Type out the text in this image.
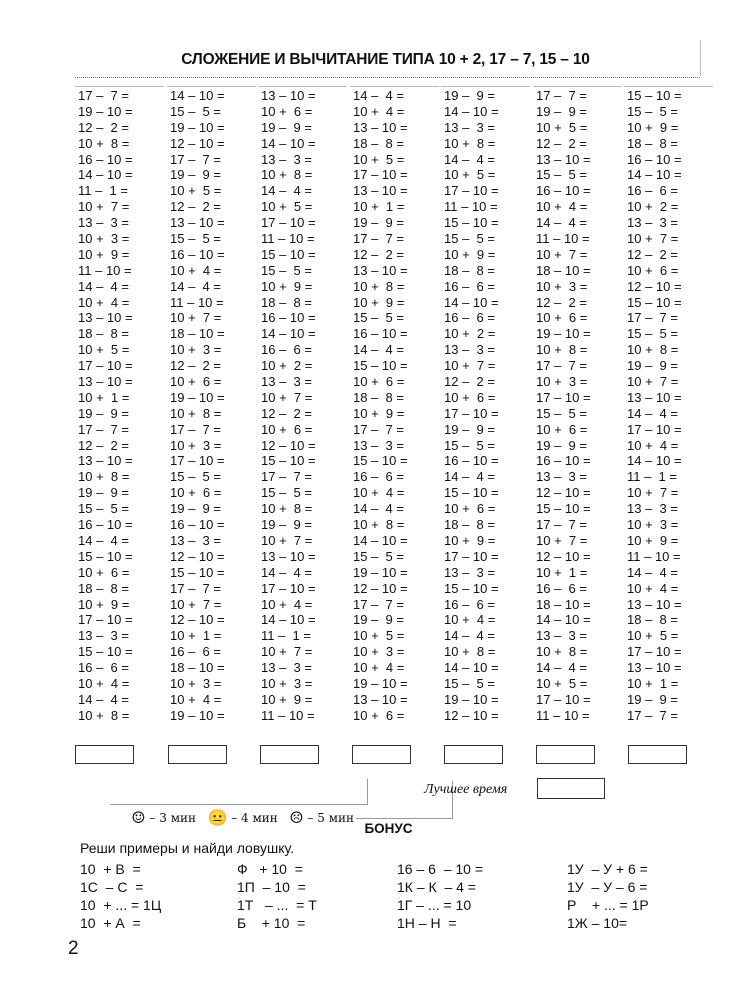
СЛОЖЕНИЕ И ВЫЧИТАНИЕ ТИПА 10 + 2, 17 – 7, 15 – 10
17 –  7 =
19 – 10 =
12 –  2 =
10 +  8 =
16 – 10 =
14 – 10 =
11 –  1 =
10 +  7 =
13 –  3 =
10 +  3 =
10 +  9 =
11 – 10 =
14 –  4 =
10 +  4 =
13 – 10 =
18 –  8 =
10 +  5 =
17 – 10 =
13 – 10 =
10 +  1 =
19 –  9 =
17 –  7 =
12 –  2 =
13 – 10 =
10 +  8 =
19 –  9 =
15 –  5 =
16 – 10 =
14 –  4 =
15 – 10 =
10 +  6 =
18 –  8 =
10 +  9 =
17 – 10 =
13 –  3 =
15 – 10 =
16 –  6 =
10 +  4 =
14 –  4 =
10 +  8 =
14 – 10 =
15 –  5 =
19 – 10 =
12 – 10 =
17 –  7 =
19 –  9 =
10 +  5 =
12 –  2 =
13 – 10 =
15 –  5 =
16 – 10 =
10 +  4 =
14 –  4 =
11 – 10 =
10 +  7 =
18 – 10 =
10 +  3 =
12 –  2 =
10 +  6 =
19 – 10 =
10 +  8 =
17 –  7 =
10 +  3 =
17 – 10 =
15 –  5 =
10 +  6 =
19 –  9 =
16 – 10 =
13 –  3 =
12 – 10 =
15 – 10 =
17 –  7 =
10 +  7 =
12 – 10 =
10 +  1 =
16 –  6 =
18 – 10 =
10 +  3 =
10 +  4 =
19 – 10 =
13 – 10 =
10 +  6 =
19 –  9 =
14 – 10 =
13 –  3 =
10 +  8 =
14 –  4 =
10 +  5 =
17 – 10 =
11 – 10 =
15 – 10 =
15 –  5 =
10 +  9 =
18 –  8 =
16 – 10 =
14 – 10 =
16 –  6 =
10 +  2 =
13 –  3 =
10 +  7 =
12 –  2 =
10 +  6 =
12 – 10 =
15 – 10 =
17 –  7 =
15 –  5 =
10 +  8 =
19 –  9 =
10 +  7 =
13 – 10 =
14 –  4 =
17 – 10 =
10 +  4 =
14 – 10 =
11 –  1 =
10 +  7 =
13 –  3 =
10 +  3 =
10 +  9 =
11 – 10 =
14 –  4 =
10 +  4 =
13 – 10 =
18 –  8 =
10 +  5 =
17 – 10 =
13 – 10 =
10 +  1 =
19 –  9 =
17 –  7 =
12 –  2 =
13 – 10 =
10 +  8 =
10 +  9 =
15 –  5 =
16 – 10 =
14 –  4 =
15 – 10 =
10 +  6 =
18 –  8 =
10 +  9 =
17 –  7 =
13 –  3 =
15 – 10 =
16 –  6 =
10 +  4 =
14 –  4 =
10 +  8 =
14 – 10 =
15 –  5 =
19 – 10 =
12 – 10 =
17 –  7 =
19 –  9 =
10 +  5 =
10 +  3 =
10 +  4 =
19 – 10 =
13 – 10 =
10 +  6 =
19 –  9 =
14 – 10 =
13 –  3 =
10 +  8 =
14 –  4 =
10 +  5 =
17 – 10 =
11 – 10 =
15 – 10 =
15 –  5 =
10 +  9 =
18 –  8 =
16 –  6 =
14 – 10 =
16 –  6 =
10 +  2 =
13 –  3 =
10 +  7 =
12 –  2 =
10 +  6 =
17 – 10 =
19 –  9 =
15 –  5 =
16 – 10 =
14 –  4 =
15 – 10 =
10 +  6 =
18 –  8 =
10 +  9 =
17 – 10 =
13 –  3 =
15 – 10 =
16 –  6 =
10 +  4 =
14 –  4 =
10 +  8 =
14 – 10 =
15 –  5 =
19 – 10 =
12 – 10 =
17 –  7 =
19 –  9 =
10 +  5 =
12 –  2 =
13 – 10 =
15 –  5 =
16 – 10 =
10 +  4 =
14 –  4 =
11 – 10 =
10 +  7 =
18 – 10 =
10 +  3 =
12 –  2 =
10 +  6 =
19 – 10 =
10 +  8 =
17 –  7 =
10 +  3 =
17 – 10 =
15 –  5 =
10 +  6 =
19 –  9 =
16 – 10 =
13 –  3 =
12 – 10 =
15 – 10 =
17 –  7 =
10 +  7 =
12 – 10 =
10 +  1 =
16 –  6 =
18 – 10 =
14 – 10 =
13 –  3 =
10 +  8 =
14 –  4 =
10 +  5 =
17 – 10 =
11 – 10 =
15 – 10 =
15 –  5 =
10 +  9 =
18 –  8 =
16 – 10 =
14 – 10 =
16 –  6 =
10 +  2 =
13 –  3 =
10 +  7 =
12 –  2 =
10 +  6 =
12 – 10 =
15 – 10 =
17 –  7 =
15 –  5 =
10 +  8 =
19 –  9 =
10 +  7 =
13 – 10 =
14 –  4 =
17 – 10 =
10 +  4 =
14 – 10 =
11 –  1 =
10 +  7 =
13 –  3 =
10 +  3 =
10 +  9 =
11 – 10 =
14 –  4 =
10 +  4 =
13 – 10 =
18 –  8 =
10 +  5 =
17 – 10 =
13 – 10 =
10 +  1 =
19 –  9 =
17 –  7 =

☺ – 3 мин   😐 – 4 мин   ☹ – 5 мин

Лучшее время
БОНУС
Реши примеры и найди ловушку.
10  + В  =
1С  – С  =
10  + ... = 1Ц
10  + А  =
Ф   + 10  =
1П  – 10  =
1Т   – ...  = Т
Б    + 10  =
16 – 6  – 10 =
1К – К  – 4 =
1Г – ... = 10
1Н – Н  =
1У  – У + 6 =
1У  – У – 6 =
Р    + ... = 1Р
1Ж – 10=
2
